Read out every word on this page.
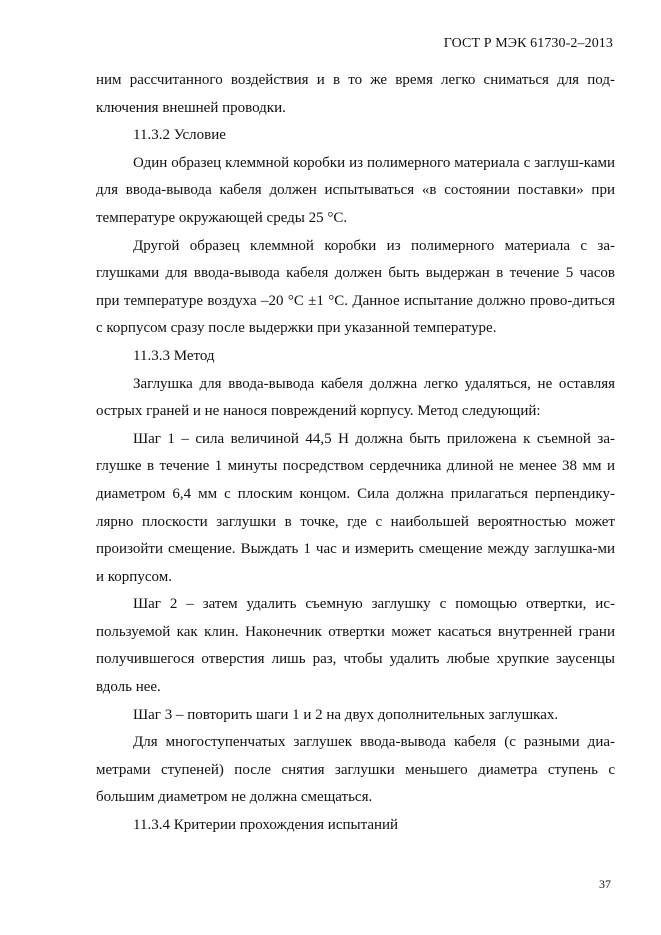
ГОСТ Р МЭК 61730-2–2013

ним рассчитанного воздействия и в то же время легко сниматься для под-ключения внешней проводки.

11.3.2 Условие

Один образец клеммной коробки из полимерного материала с заглуш-ками для ввода-вывода кабеля должен испытываться «в состоянии поставки» при температуре окружающей среды 25 °С.

Другой образец клеммной коробки из полимерного материала с за-глушками для ввода-вывода кабеля должен быть выдержан в течение 5 часов при температуре воздуха –20 °С ±1 °С. Данное испытание должно прово-диться с корпусом сразу после выдержки при указанной температуре.

11.3.3 Метод

Заглушка для ввода-вывода кабеля должна легко удаляться, не оставляя острых граней и не нанося повреждений корпусу. Метод следующий:

Шаг 1 – сила величиной 44,5 Н должна быть приложена к съемной за-глушке в течение 1 минуты посредством сердечника длиной не менее 38 мм и диаметром 6,4 мм с плоским концом. Сила должна прилагаться перпендику-лярно плоскости заглушки в точке, где с наибольшей вероятностью может произойти смещение. Выждать 1 час и измерить смещение между заглушка-ми и корпусом.

Шаг 2 – затем удалить съемную заглушку с помощью отвертки, ис-пользуемой как клин. Наконечник отвертки может касаться внутренней грани получившегося отверстия лишь раз, чтобы удалить любые хрупкие заусенцы вдоль нее.

Шаг 3 – повторить шаги 1 и 2 на двух дополнительных заглушках.

Для многоступенчатых заглушек ввода-вывода кабеля (с разными диа-метрами ступеней) после снятия заглушки меньшего диаметра ступень с большим диаметром не должна смещаться.

11.3.4 Критерии прохождения испытаний

37
